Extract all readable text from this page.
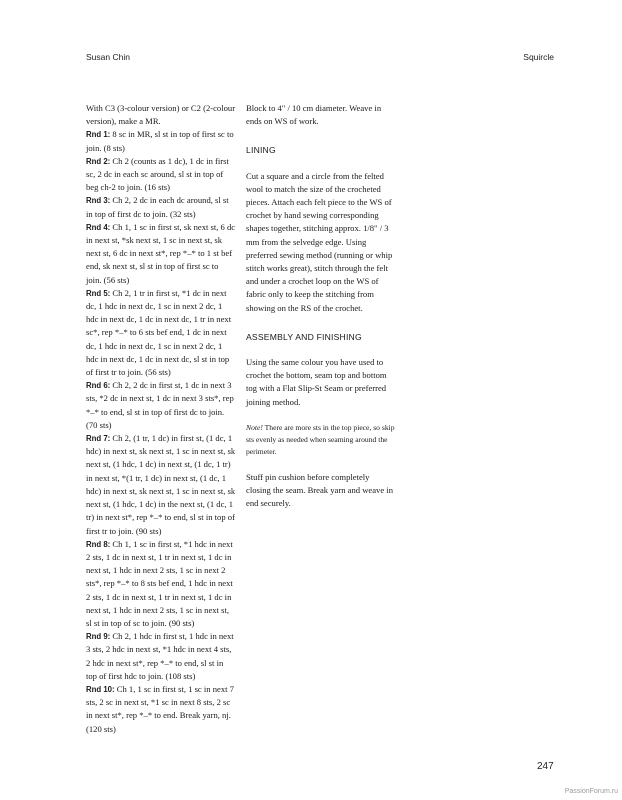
Susan Chin	Squircle

With C3 (3-colour version) or C2 (2-colour version), make a MR.

Rnd 1: 8 sc in MR, sl st in top of first sc to join. (8 sts)

Rnd 2: Ch 2 (counts as 1 dc), 1 dc in first sc, 2 dc in each sc around, sl st in top of beg ch-2 to join. (16 sts)

Rnd 3: Ch 2, 2 dc in each dc around, sl st in top of first dc to join. (32 sts)

Rnd 4: Ch 1, 1 sc in first st, sk next st, 6 dc in next st, *sk next st, 1 sc in next st, sk next st, 6 dc in next st*, rep *–* to 1 st bef end, sk next st, sl st in top of first sc to join. (56 sts)

Rnd 5: Ch 2, 1 tr in first st, *1 dc in next dc, 1 hdc in next dc, 1 sc in next 2 dc, 1 hdc in next dc, 1 dc in next dc, 1 tr in next sc*, rep *–* to 6 sts bef end, 1 dc in next dc, 1 hdc in next dc, 1 sc in next 2 dc, 1 hdc in next dc, 1 dc in next dc, sl st in top of first tr to join. (56 sts)

Rnd 6: Ch 2, 2 dc in first st, 1 dc in next 3 sts, *2 dc in next st, 1 dc in next 3 sts*, rep *–* to end, sl st in top of first dc to join. (70 sts)

Rnd 7: Ch 2, (1 tr, 1 dc) in first st, (1 dc, 1 hdc) in next st, sk next st, 1 sc in next st, sk next st, (1 hdc, 1 dc) in next st, (1 dc, 1 tr) in next st, *(1 tr, 1 dc) in next st, (1 dc, 1 hdc) in next st, sk next st, 1 sc in next st, sk next st, (1 hdc, 1 dc) in the next st, (1 dc, 1 tr) in next st*, rep *–* to end, sl st in top of first tr to join. (90 sts)

Rnd 8: Ch 1, 1 sc in first st, *1 hdc in next 2 sts, 1 dc in next st, 1 tr in next st, 1 dc in next st, 1 hdc in next 2 sts, 1 sc in next 2 sts*, rep *–* to 8 sts bef end, 1 hdc in next 2 sts, 1 dc in next st, 1 tr in next st, 1 dc in next st, 1 hdc in next 2 sts, 1 sc in next st, sl st in top of sc to join. (90 sts)

Rnd 9: Ch 2, 1 hdc in first st, 1 hdc in next 3 sts, 2 hdc in next st, *1 hdc in next 4 sts, 2 hdc in next st*, rep *–* to end, sl st in top of first hdc to join. (108 sts)

Rnd 10: Ch 1, 1 sc in first st, 1 sc in next 7 sts, 2 sc in next st, *1 sc in next 8 sts, 2 sc in next st*, rep *–* to end. Break yarn, nj. (120 sts)

Block to 4" / 10 cm diameter. Weave in ends on WS of work.

LINING

Cut a square and a circle from the felted wool to match the size of the crocheted pieces. Attach each felt piece to the WS of crochet by hand sewing corresponding shapes together, stitching approx. 1/8" / 3 mm from the selvedge edge. Using preferred sewing method (running or whip stitch works great), stitch through the felt and under a crochet loop on the WS of fabric only to keep the stitching from showing on the RS of the crochet.

ASSEMBLY AND FINISHING

Using the same colour you have used to crochet the bottom, seam top and bottom tog with a Flat Slip-St Seam or preferred joining method.

Note! There are more sts in the top piece, so skip sts evenly as needed when seaming around the perimeter.

Stuff pin cushion before completely closing the seam. Break yarn and weave in end securely.

247
PassionForum.ru
